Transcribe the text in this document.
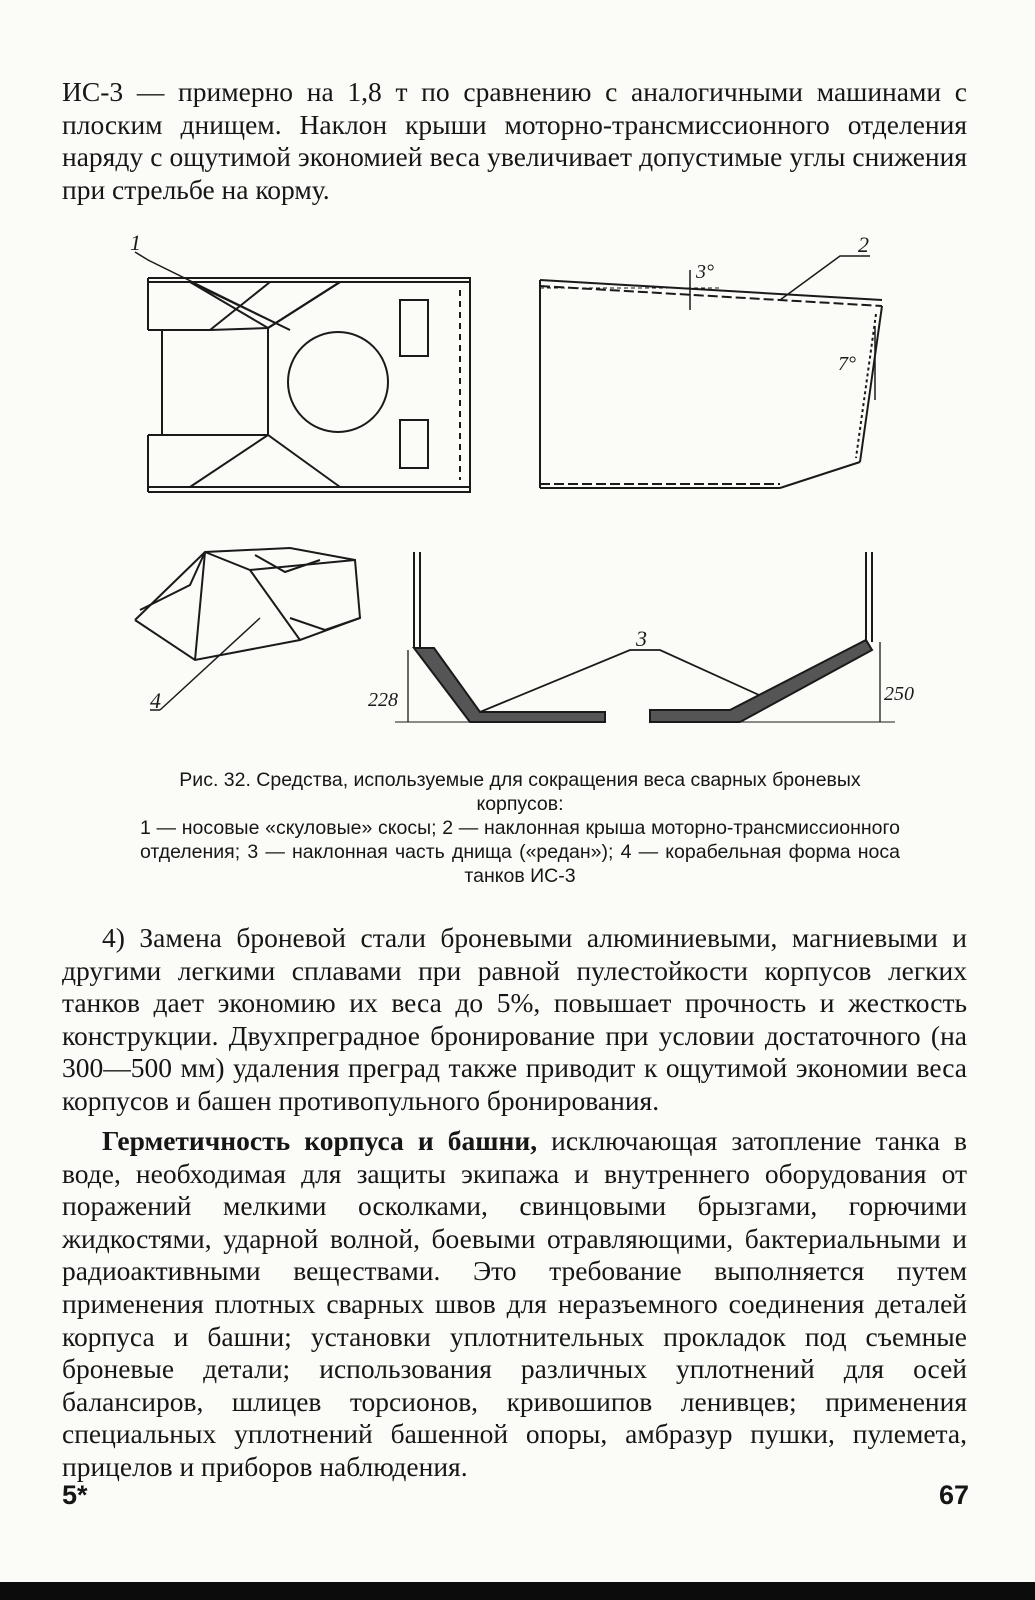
ИС-3 — примерно на 1,8 т по сравнению с аналогичными машинами с плоским днищем. Наклон крыши моторно-трансмиссионного отделения наряду с ощутимой экономией веса увеличивает допустимые углы снижения при стрельбе на корму.

1	2
3
4
3°
7°
228	250

Рис. 32. Средства, используемые для сокращения веса сварных броневых корпусов:
1 — носовые «скуловые» скосы; 2 — наклонная крыша моторно-трансмиссионного отделения; 3 — наклонная часть днища («редан»); 4 — корабельная форма носа танков ИС-3

4) Замена броневой стали броневыми алюминиевыми, магниевыми и другими легкими сплавами при равной пулестойкости корпусов легких танков дает экономию их веса до 5%, повышает прочность и жесткость конструкции. Двухпреградное бронирование при условии достаточного (на 300—500 мм) удаления преград также приводит к ощутимой экономии веса корпусов и башен противопульного бронирования.

Герметичность корпуса и башни, исключающая затопление танка в воде, необходимая для защиты экипажа и внутреннего оборудования от поражений мелкими осколками, свинцовыми брызгами, горючими жидкостями, ударной волной, боевыми отравляющими, бактериальными и радиоактивными веществами. Это требование выполняется путем применения плотных сварных швов для неразъемного соединения деталей корпуса и башни; установки уплотнительных прокладок под съемные броневые детали; использования различных уплотнений для осей балансиров, шлицев торсионов, кривошипов ленивцев; применения специальных уплотнений башенной опоры, амбразур пушки, пулемета, прицелов и приборов наблюдения.

5*	67
